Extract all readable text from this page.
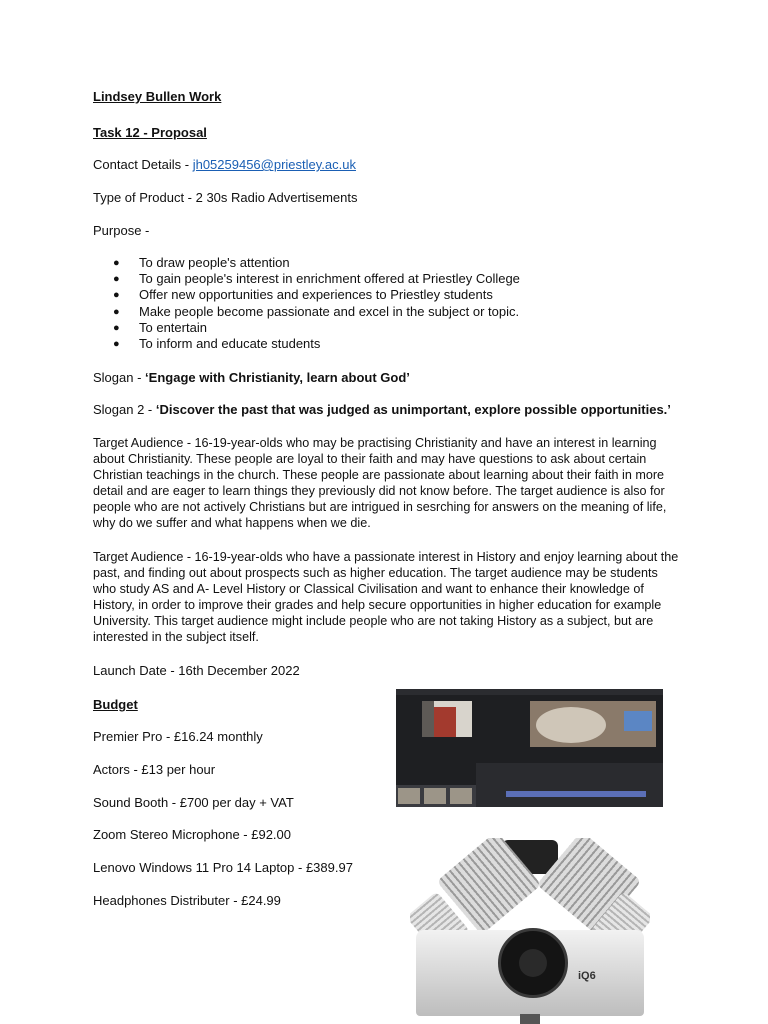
Lindsey Bullen Work

Task 12 - Proposal

Contact Details - jh05259456@priestley.ac.uk

Type of Product - 2 30s Radio Advertisements

Purpose -

● To draw people's attention
● To gain people's interest in enrichment offered at Priestley College
● Offer new opportunities and experiences to Priestley students
● Make people become passionate and excel in the subject or topic.
● To entertain
● To inform and educate students

Slogan - ‘Engage with Christianity, learn about God’

Slogan 2 - ‘Discover the past that was judged as unimportant, explore possible opportunities.’

Target Audience - 16-19-year-olds who may be practising Christianity and have an interest in learning about Christianity. These people are loyal to their faith and may have questions to ask about certain Christian teachings in the church. These people are passionate about learning about their faith in more detail and are eager to learn things they previously did not know before. The target audience is also for people who are not actively Christians but are intrigued in sesrching for answers on the meaning of life, why do we suffer and what happens when we die.

Target Audience - 16-19-year-olds who have a passionate interest in History and enjoy learning about the past, and finding out about prospects such as higher education. The target audience may be students who study AS and A- Level History or Classical Civilisation and want to enhance their knowledge of History, in order to improve their grades and help secure opportunities in higher education for example University. This target audience might include people who are not taking History as a subject, but are interested in the subject itself.

Launch Date - 16th December 2022

Budget

Premier Pro - £16.24 monthly

Actors - £13 per hour

Sound Booth - £700 per day + VAT

Zoom Stereo Microphone - £92.00

Lenovo Windows 11 Pro 14 Laptop - £389.97

Headphones Distributer - £24.99

iQ6
